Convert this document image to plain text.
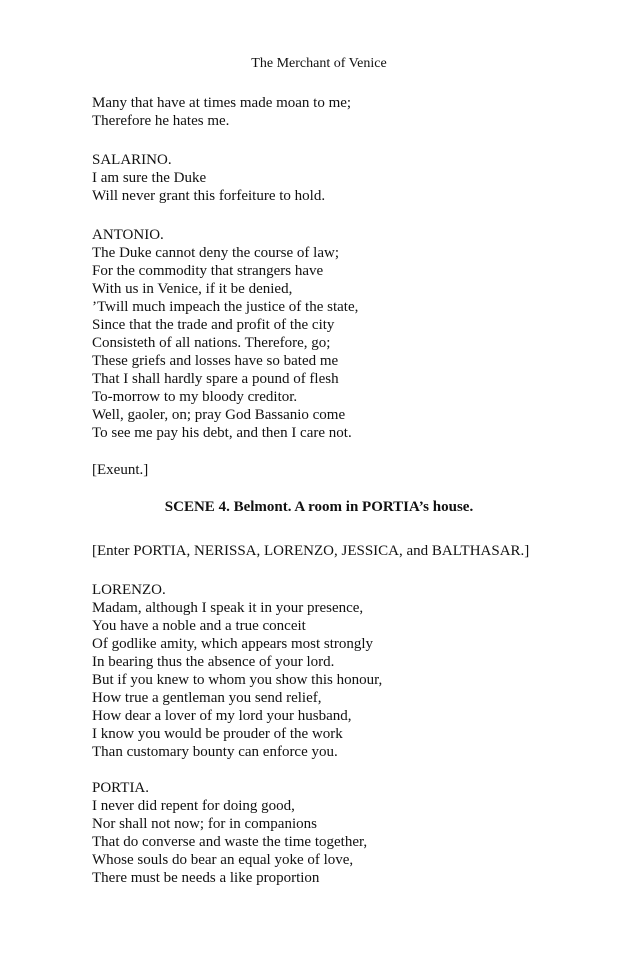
The Merchant of Venice
Many that have at times made moan to me;
Therefore he hates me.
SALARINO.
I am sure the Duke
Will never grant this forfeiture to hold.
ANTONIO.
The Duke cannot deny the course of law;
For the commodity that strangers have
With us in Venice, if it be denied,
’Twill much impeach the justice of the state,
Since that the trade and profit of the city
Consisteth of all nations. Therefore, go;
These griefs and losses have so bated me
That I shall hardly spare a pound of flesh
To-morrow to my bloody creditor.
Well, gaoler, on; pray God Bassanio come
To see me pay his debt, and then I care not.
[Exeunt.]
SCENE 4. Belmont. A room in PORTIA’s house.
[Enter PORTIA, NERISSA, LORENZO, JESSICA, and BALTHASAR.]
LORENZO.
Madam, although I speak it in your presence,
You have a noble and a true conceit
Of godlike amity, which appears most strongly
In bearing thus the absence of your lord.
But if you knew to whom you show this honour,
How true a gentleman you send relief,
How dear a lover of my lord your husband,
I know you would be prouder of the work
Than customary bounty can enforce you.
PORTIA.
I never did repent for doing good,
Nor shall not now; for in companions
That do converse and waste the time together,
Whose souls do bear an equal yoke of love,
There must be needs a like proportion
